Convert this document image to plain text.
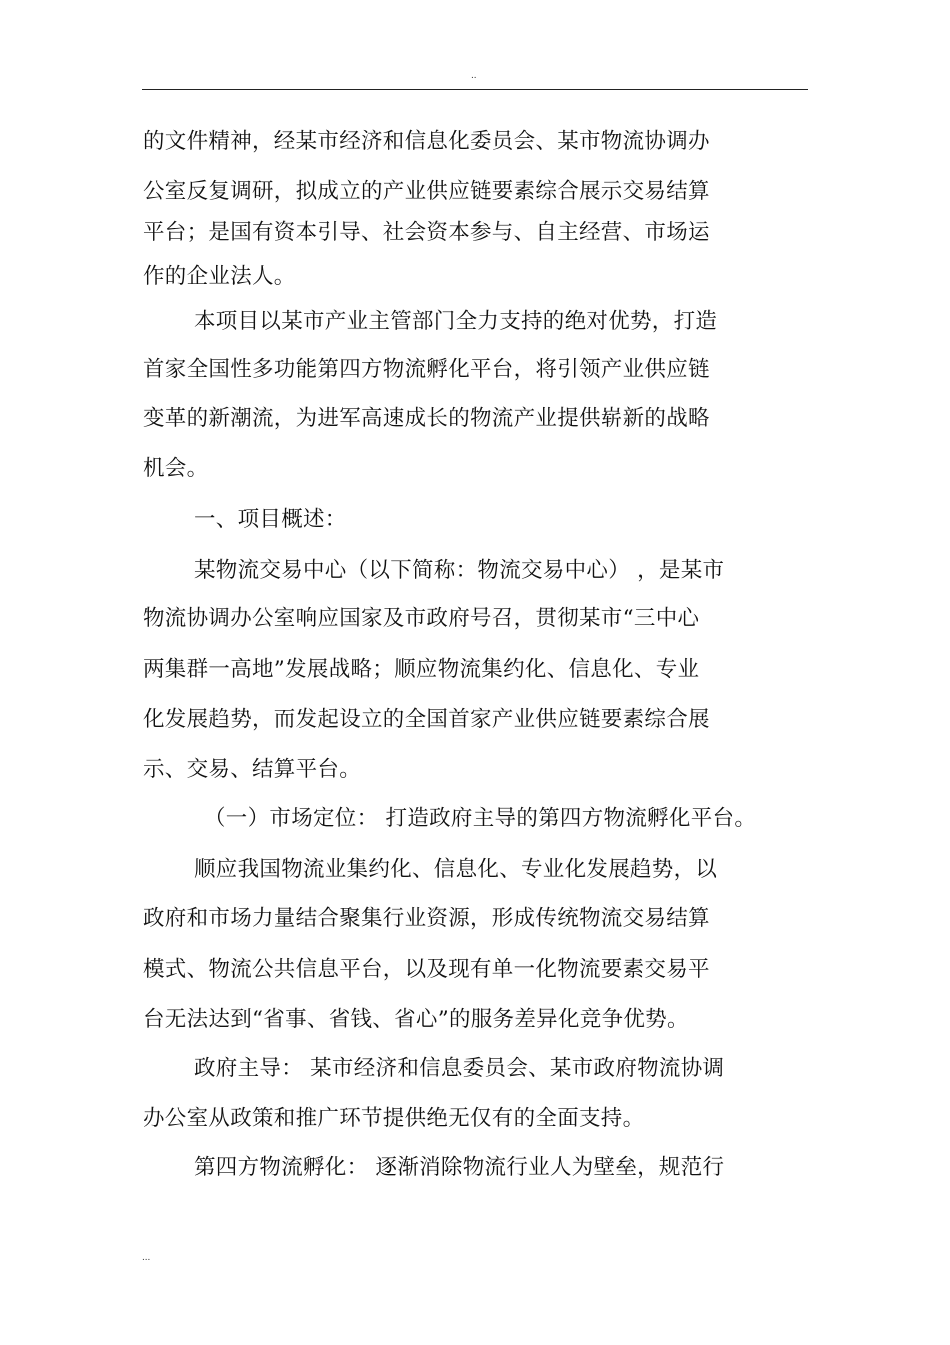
..
的文件精神，经某市经济和信息化委员会、某市物流协调办
公室反复调研，拟成立的产业供应链要素综合展示交易结算
平台；是国有资本引导、社会资本参与、自主经营、市场运
作的企业法人。
本项目以某市产业主管部门全力支持的绝对优势，打造
首家全国性多功能第四方物流孵化平台，将引领产业供应链
变革的新潮流，为进军高速成长的物流产业提供崭新的战略
机会。
一、项目概述：
某物流交易中心（以下简称：物流交易中心） ，是某市
物流协调办公室响应国家及市政府号召，贯彻某市“三中心
两集群一高地”发展战略；顺应物流集约化、信息化、专业
化发展趋势，而发起设立的全国首家产业供应链要素综合展
示、交易、结算平台。
（一）市场定位： 打造政府主导的第四方物流孵化平台。
顺应我国物流业集约化、信息化、专业化发展趋势，以
政府和市场力量结合聚集行业资源，形成传统物流交易结算
模式、物流公共信息平台，以及现有单一化物流要素交易平
台无法达到“省事、省钱、省心”的服务差异化竞争优势。
政府主导： 某市经济和信息委员会、某市政府物流协调
办公室从政策和推广环节提供绝无仅有的全面支持。
第四方物流孵化： 逐渐消除物流行业人为壁垒，规范行
...
